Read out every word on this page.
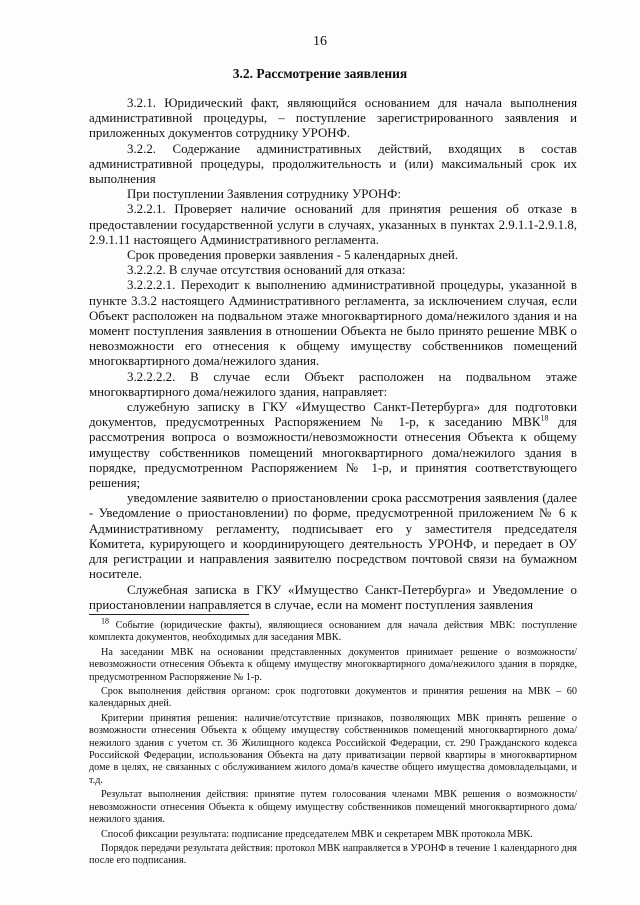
16
3.2. Рассмотрение заявления

3.2.1. Юридический факт, являющийся основанием для начала выполнения административной процедуры, – поступление зарегистрированного заявления и приложенных документов сотруднику УРОНФ.

3.2.2. Содержание административных действий, входящих в состав административной процедуры, продолжительность и (или) максимальный срок их выполнения

При поступлении Заявления сотруднику УРОНФ:

3.2.2.1. Проверяет наличие оснований для принятия решения об отказе в предоставлении государственной услуги в случаях, указанных в пунктах 2.9.1.1-2.9.1.8, 2.9.1.11 настоящего Административного регламента.

Срок проведения проверки заявления - 5 календарных дней.

3.2.2.2. В случае отсутствия оснований для отказа:

3.2.2.2.1. Переходит к выполнению административной процедуры, указанной в пункте 3.3.2 настоящего Административного регламента, за исключением случая, если Объект расположен на подвальном этаже многоквартирного дома/нежилого здания и на момент поступления заявления в отношении Объекта не было принято решение МВК о невозможности его отнесения к общему имуществу собственников помещений многоквартирного дома/нежилого здания.

3.2.2.2.2. В случае если Объект расположен на подвальном этаже многоквартирного дома/нежилого здания, направляет:

служебную записку в ГКУ «Имущество Санкт-Петербурга» для подготовки документов, предусмотренных Распоряжением № 1-р, к заседанию МВК$^{18}$ для рассмотрения вопроса о возможности/невозможности отнесения Объекта к общему имуществу собственников помещений многоквартирного дома/нежилого здания в порядке, предусмотренном Распоряжением № 1-р, и принятия соответствующего решения;

уведомление заявителю о приостановлении срока рассмотрения заявления (далее - Уведомление о приостановлении) по форме, предусмотренной приложением № 6 к Административному регламенту, подписывает его у заместителя председателя Комитета, курирующего и координирующего деятельность УРОНФ, и передает в ОУ для регистрации и направления заявителю посредством почтовой связи на бумажном носителе.

Служебная записка в ГКУ «Имущество Санкт-Петербурга» и Уведомление о приостановлении направляется в случае, если на момент поступления заявления

$^{18}$ Событие (юридические факты), являющиеся основанием для начала действия МВК: поступление комплекта документов, необходимых для заседания МВК.

На заседании МВК на основании представленных документов принимает решение о возможности/невозможности отнесения Объекта к общему имуществу многоквартирного дома/нежилого здания в порядке, предусмотренном Распоряжение № 1-р.

Срок выполнения действия органом: срок подготовки документов и принятия решения на МВК – 60 календарных дней.

Критерии принятия решения: наличие/отсутствие признаков, позволяющих МВК принять решение о возможности отнесения Объекта к общему имуществу собственников помещений многоквартирного дома/нежилого здания с учетом ст. 36 Жилищного кодекса Российской Федерации, ст. 290 Гражданского кодекса Российской Федерации, использования Объекта на дату приватизации первой квартиры в многоквартирном доме в целях, не связанных с обслуживанием жилого дома/в качестве общего имущества домовладельцами, и т.д.

Результат выполнения действия: принятие путем голосования членами МВК решения о возможности/невозможности отнесения Объекта к общему имуществу собственников помещений многоквартирного дома/нежилого здания.

Способ фиксации результата: подписание председателем МВК и секретарем МВК протокола МВК.

Порядок передачи результата действия: протокол МВК направляется в УРОНФ в течение 1 календарного дня после его подписания.
